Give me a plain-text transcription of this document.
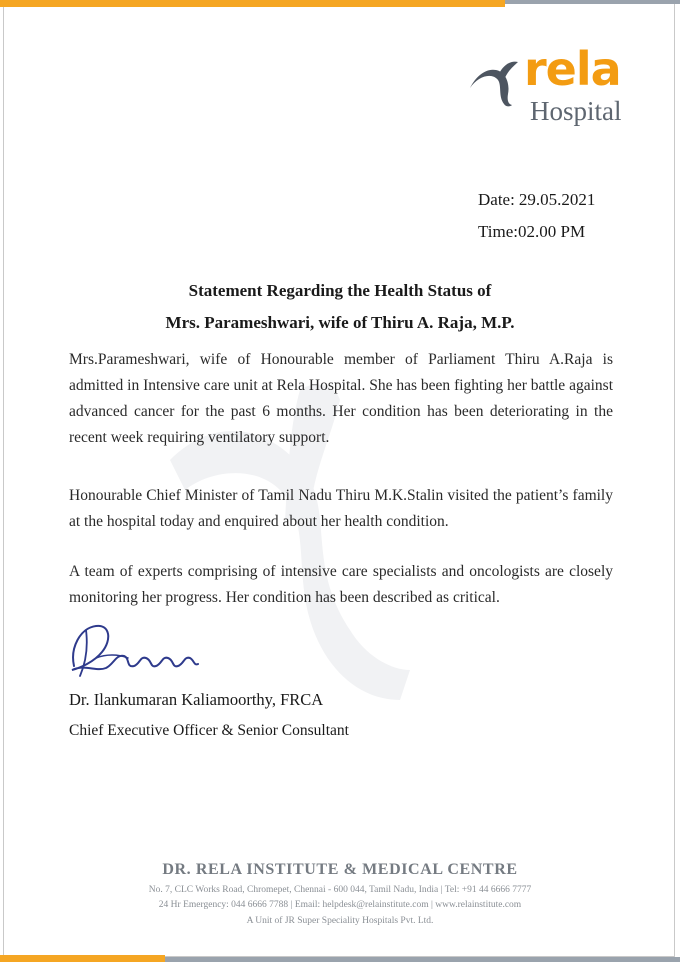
rela
Hospital
Date: 29.05.2021
Time:02.00 PM
Statement Regarding the Health Status of
Mrs. Parameshwari, wife of Thiru A. Raja, M.P.

Mrs.Parameshwari, wife of Honourable member of Parliament Thiru A.Raja is admitted in Intensive care unit at Rela Hospital. She has been fighting her battle against advanced cancer for the past 6 months. Her condition has been deteriorating in the recent week requiring ventilatory support.

Honourable Chief Minister of Tamil Nadu Thiru M.K.Stalin visited the patient’s family at the hospital today and enquired about her health condition.

A team of experts comprising of intensive care specialists and oncologists are closely monitoring her progress. Her condition has been described as critical.

Dr. Ilankumaran Kaliamoorthy, FRCA
Chief Executive Officer & Senior Consultant
DR. RELA INSTITUTE & MEDICAL CENTRE
No. 7, CLC Works Road, Chromepet, Chennai - 600 044, Tamil Nadu, India | Tel: +91 44 6666 7777
24 Hr Emergency: 044 6666 7788 | Email: helpdesk@relainstitute.com | www.relainstitute.com
A Unit of JR Super Speciality Hospitals Pvt. Ltd.
